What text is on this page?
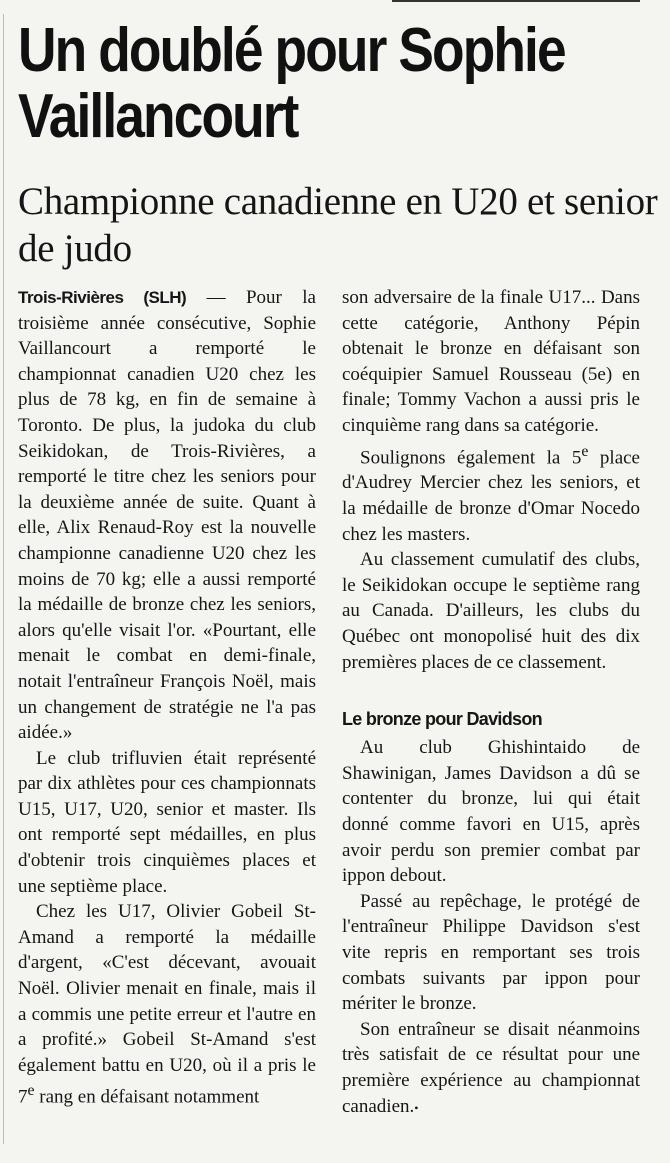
Un doublé pour Sophie Vaillancourt
Championne canadienne en U20 et senior de judo

Trois-Rivières (SLH) — Pour la troisième année consécutive, Sophie Vaillancourt a remporté le championnat canadien U20 chez les plus de 78 kg, en fin de semaine à Toronto. De plus, la judoka du club Seikidokan, de Trois-Rivières, a remporté le titre chez les seniors pour la deuxième année de suite. Quant à elle, Alix Renaud-Roy est la nouvelle championne canadienne U20 chez les moins de 70 kg; elle a aussi remporté la médaille de bronze chez les seniors, alors qu'elle visait l'or. «Pourtant, elle menait le combat en demi-finale, notait l'entraîneur François Noël, mais un changement de stratégie ne l'a pas aidée.»

Le club trifluvien était représenté par dix athlètes pour ces championnats U15, U17, U20, senior et master. Ils ont remporté sept médailles, en plus d'obtenir trois cinquièmes places et une septième place.

Chez les U17, Olivier Gobeil St-Amand a remporté la médaille d'argent, «C'est décevant, avouait Noël. Olivier menait en finale, mais il a commis une petite erreur et l'autre en a profité.» Gobeil St-Amand s'est également battu en U20, où il a pris le 7e rang en défaisant notamment

son adversaire de la finale U17... Dans cette catégorie, Anthony Pépin obtenait le bronze en défaisant son coéquipier Samuel Rousseau (5e) en finale; Tommy Vachon a aussi pris le cinquième rang dans sa catégorie.

Soulignons également la 5e place d'Audrey Mercier chez les seniors, et la médaille de bronze d'Omar Nocedo chez les masters.

Au classement cumulatif des clubs, le Seikidokan occupe le septième rang au Canada. D'ailleurs, les clubs du Québec ont monopolisé huit des dix premières places de ce classement.

Le bronze pour Davidson

Au club Ghishintaido de Shawinigan, James Davidson a dû se contenter du bronze, lui qui était donné comme favori en U15, après avoir perdu son premier combat par ippon debout.

Passé au repêchage, le protégé de l'entraîneur Philippe Davidson s'est vite repris en remportant ses trois combats suivants par ippon pour mériter le bronze.

Son entraîneur se disait néanmoins très satisfait de ce résultat pour une première expérience au championnat canadien.•
